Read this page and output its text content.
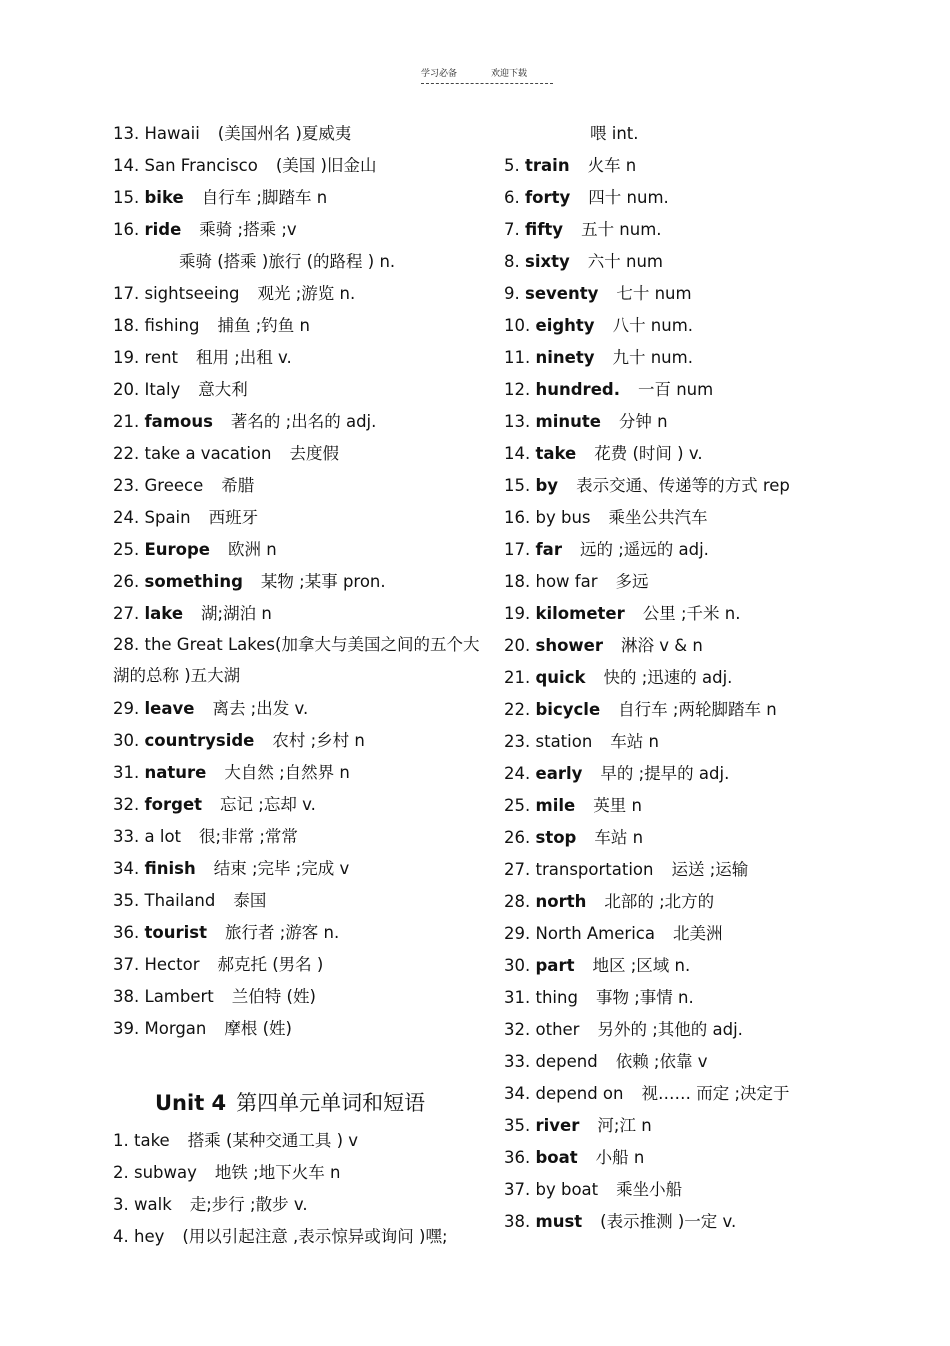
学习必备	欢迎下载
13. Hawaii (美国州名 )夏威夷
14. San Francisco (美国 )旧金山
15. bike 自行车 ;脚踏车 n
16. ride 乘骑 ;搭乘 ;v
乘骑 (搭乘 )旅行 (的路程 ) n.
17. sightseeing 观光 ;游览 n.
18. fishing 捕鱼 ;钓鱼 n
19. rent 租用 ;出租 v.
20. Italy 意大利
21. famous 著名的 ;出名的 adj.
22. take a vacation 去度假
23. Greece 希腊
24. Spain 西班牙
25. Europe 欧洲 n
26. something 某物 ;某事 pron.
27. lake 湖;湖泊 n
28. the Great Lakes(加拿大与美国之间的五个大湖的总称 )五大湖
29. leave 离去 ;出发 v.
30. countryside 农村 ;乡村 n
31. nature 大自然 ;自然界 n
32. forget 忘记 ;忘却 v.
33. a lot 很;非常 ;常常
34. finish 结束 ;完毕 ;完成 v
35. Thailand 泰国
36. tourist 旅行者 ;游客 n.
37. Hector 郝克托 (男名 )
38. Lambert 兰伯特 (姓)
39. Morgan 摩根 (姓)
Unit 4 第四单元单词和短语
1. take 搭乘 (某种交通工具 ) v
2. subway 地铁 ;地下火车 n
3. walk 走;步行 ;散步 v.
4. hey (用以引起注意 ,表示惊异或询问 )嘿;
喂 int.
5. train 火车 n
6. forty 四十 num.
7. fifty 五十 num.
8. sixty 六十 num
9. seventy 七十 num
10. eighty 八十 num.
11. ninety 九十 num.
12. hundred. 一百 num
13. minute 分钟 n
14. take 花费 (时间 ) v.
15. by 表示交通、传递等的方式 rep
16. by bus 乘坐公共汽车
17. far 远的 ;遥远的 adj.
18. how far 多远
19. kilometer 公里 ;千米 n.
20. shower 淋浴 v & n
21. quick 快的 ;迅速的 adj.
22. bicycle 自行车 ;两轮脚踏车 n
23. station 车站 n
24. early 早的 ;提早的 adj.
25. mile 英里 n
26. stop 车站 n
27. transportation 运送 ;运输
28. north 北部的 ;北方的
29. North America 北美洲
30. part 地区 ;区域 n.
31. thing 事物 ;事情 n.
32. other 另外的 ;其他的 adj.
33. depend 依赖 ;依靠 v
34. depend on 视…… 而定 ;决定于
35. river 河;江 n
36. boat 小船 n
37. by boat 乘坐小船
38. must (表示推测 )一定 v.
